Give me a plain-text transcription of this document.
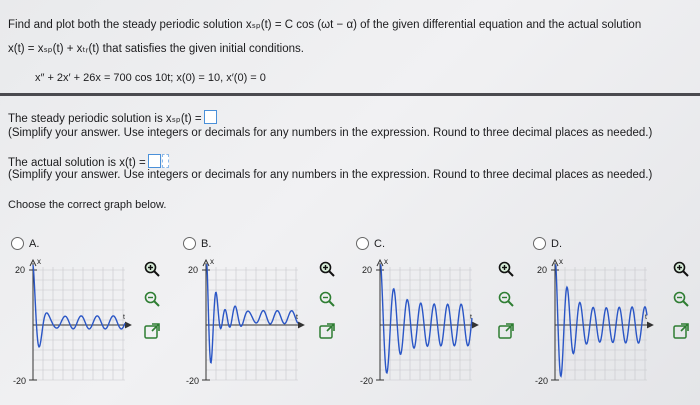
Find and plot both the steady periodic solution xₛₚ(t) = C cos (ωt − α) of the given differential equation and the actual solution
x(t) = xₛₚ(t) + xₜᵣ(t) that satisfies the given initial conditions.
x″ + 2x′ + 26x = 700 cos 10t; x(0) = 10, x′(0) = 0
The steady periodic solution is xₛₚ(t) =
(Simplify your answer. Use integers or decimals for any numbers in the expression. Round to three decimal places as needed.)
The actual solution is x(t) =
(Simplify your answer. Use integers or decimals for any numbers in the expression. Round to three decimal places as needed.)
Choose the correct graph below.
A.	B.	C.	D.
x
20
-20
t
x
20
-20
t
x
20
-20
t
x
20
-20
t
